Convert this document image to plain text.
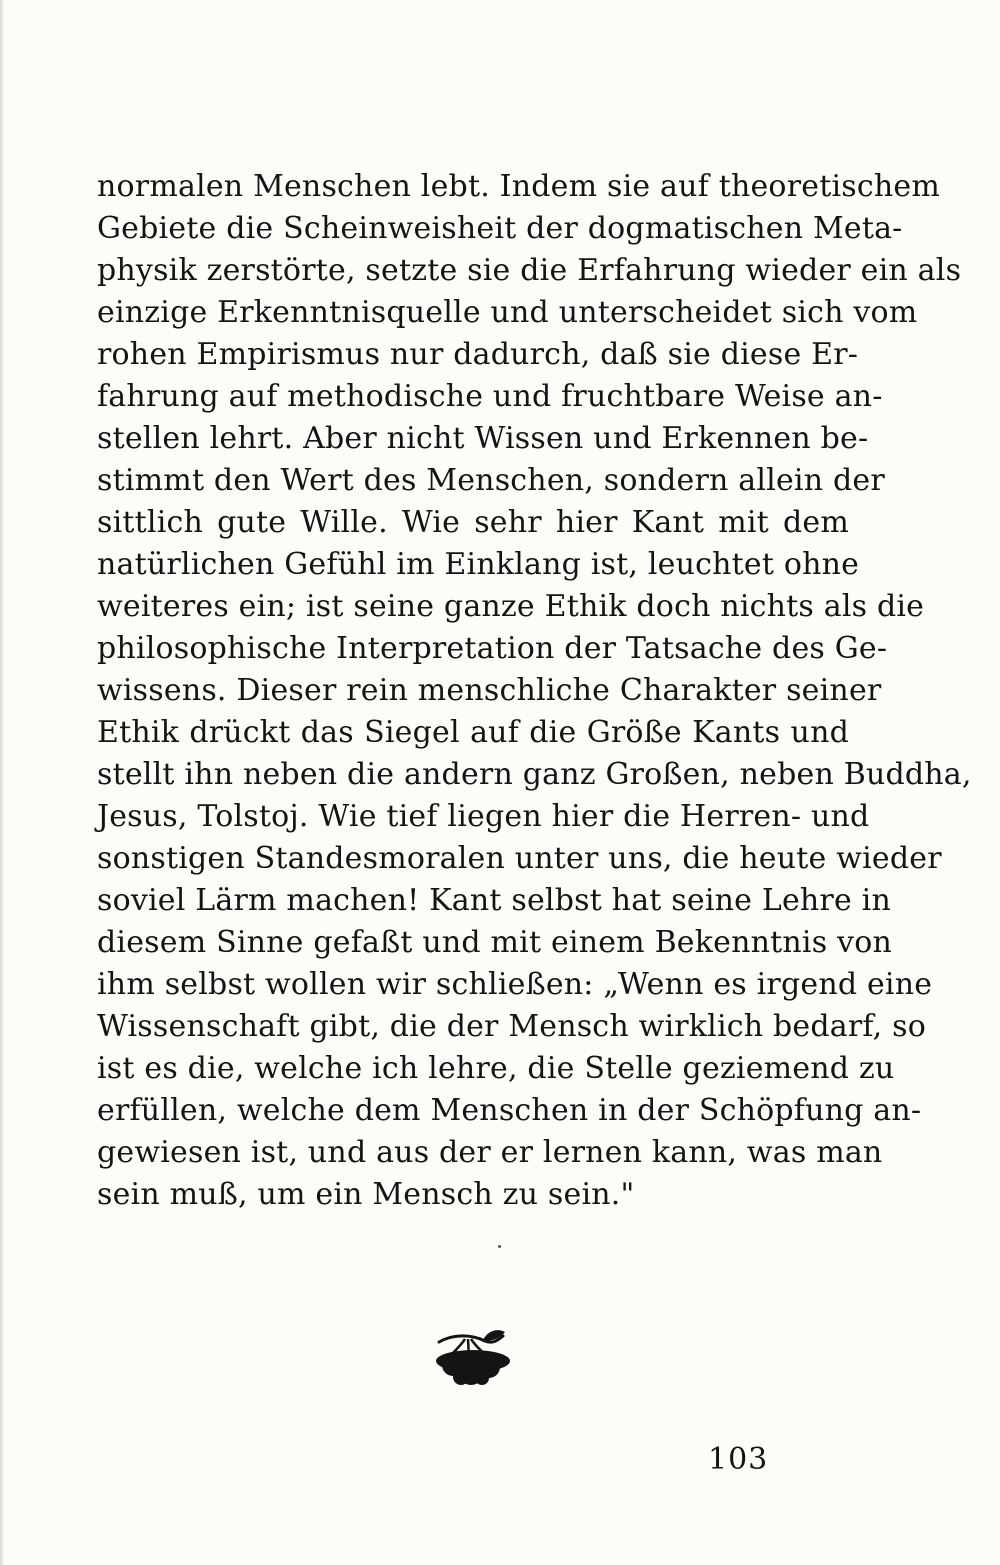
normalen Menschen lebt. Indem sie auf theoretischem
Gebiete die Scheinweisheit der dogmatischen Meta-
physik zerstörte, setzte sie die Erfahrung wieder ein als
einzige Erkenntnisquelle und unterscheidet sich vom
rohen Empirismus nur dadurch, daß sie diese Er-
fahrung auf methodische und fruchtbare Weise an-
stellen lehrt. Aber nicht Wissen und Erkennen be-
stimmt den Wert des Menschen, sondern allein der
sittlich gute Wille. Wie sehr hier Kant mit dem
natürlichen Gefühl im Einklang ist, leuchtet ohne
weiteres ein; ist seine ganze Ethik doch nichts als die
philosophische Interpretation der Tatsache des Ge-
wissens. Dieser rein menschliche Charakter seiner
Ethik drückt das Siegel auf die Größe Kants und
stellt ihn neben die andern ganz Großen, neben Buddha,
Jesus, Tolstoj. Wie tief liegen hier die Herren- und
sonstigen Standesmoralen unter uns, die heute wieder
soviel Lärm machen! Kant selbst hat seine Lehre in
diesem Sinne gefaßt und mit einem Bekenntnis von
ihm selbst wollen wir schließen: „Wenn es irgend eine
Wissenschaft gibt, die der Mensch wirklich bedarf, so
ist es die, welche ich lehre, die Stelle geziemend zu
erfüllen, welche dem Menschen in der Schöpfung an-
gewiesen ist, und aus der er lernen kann, was man
sein muß, um ein Mensch zu sein."
103
